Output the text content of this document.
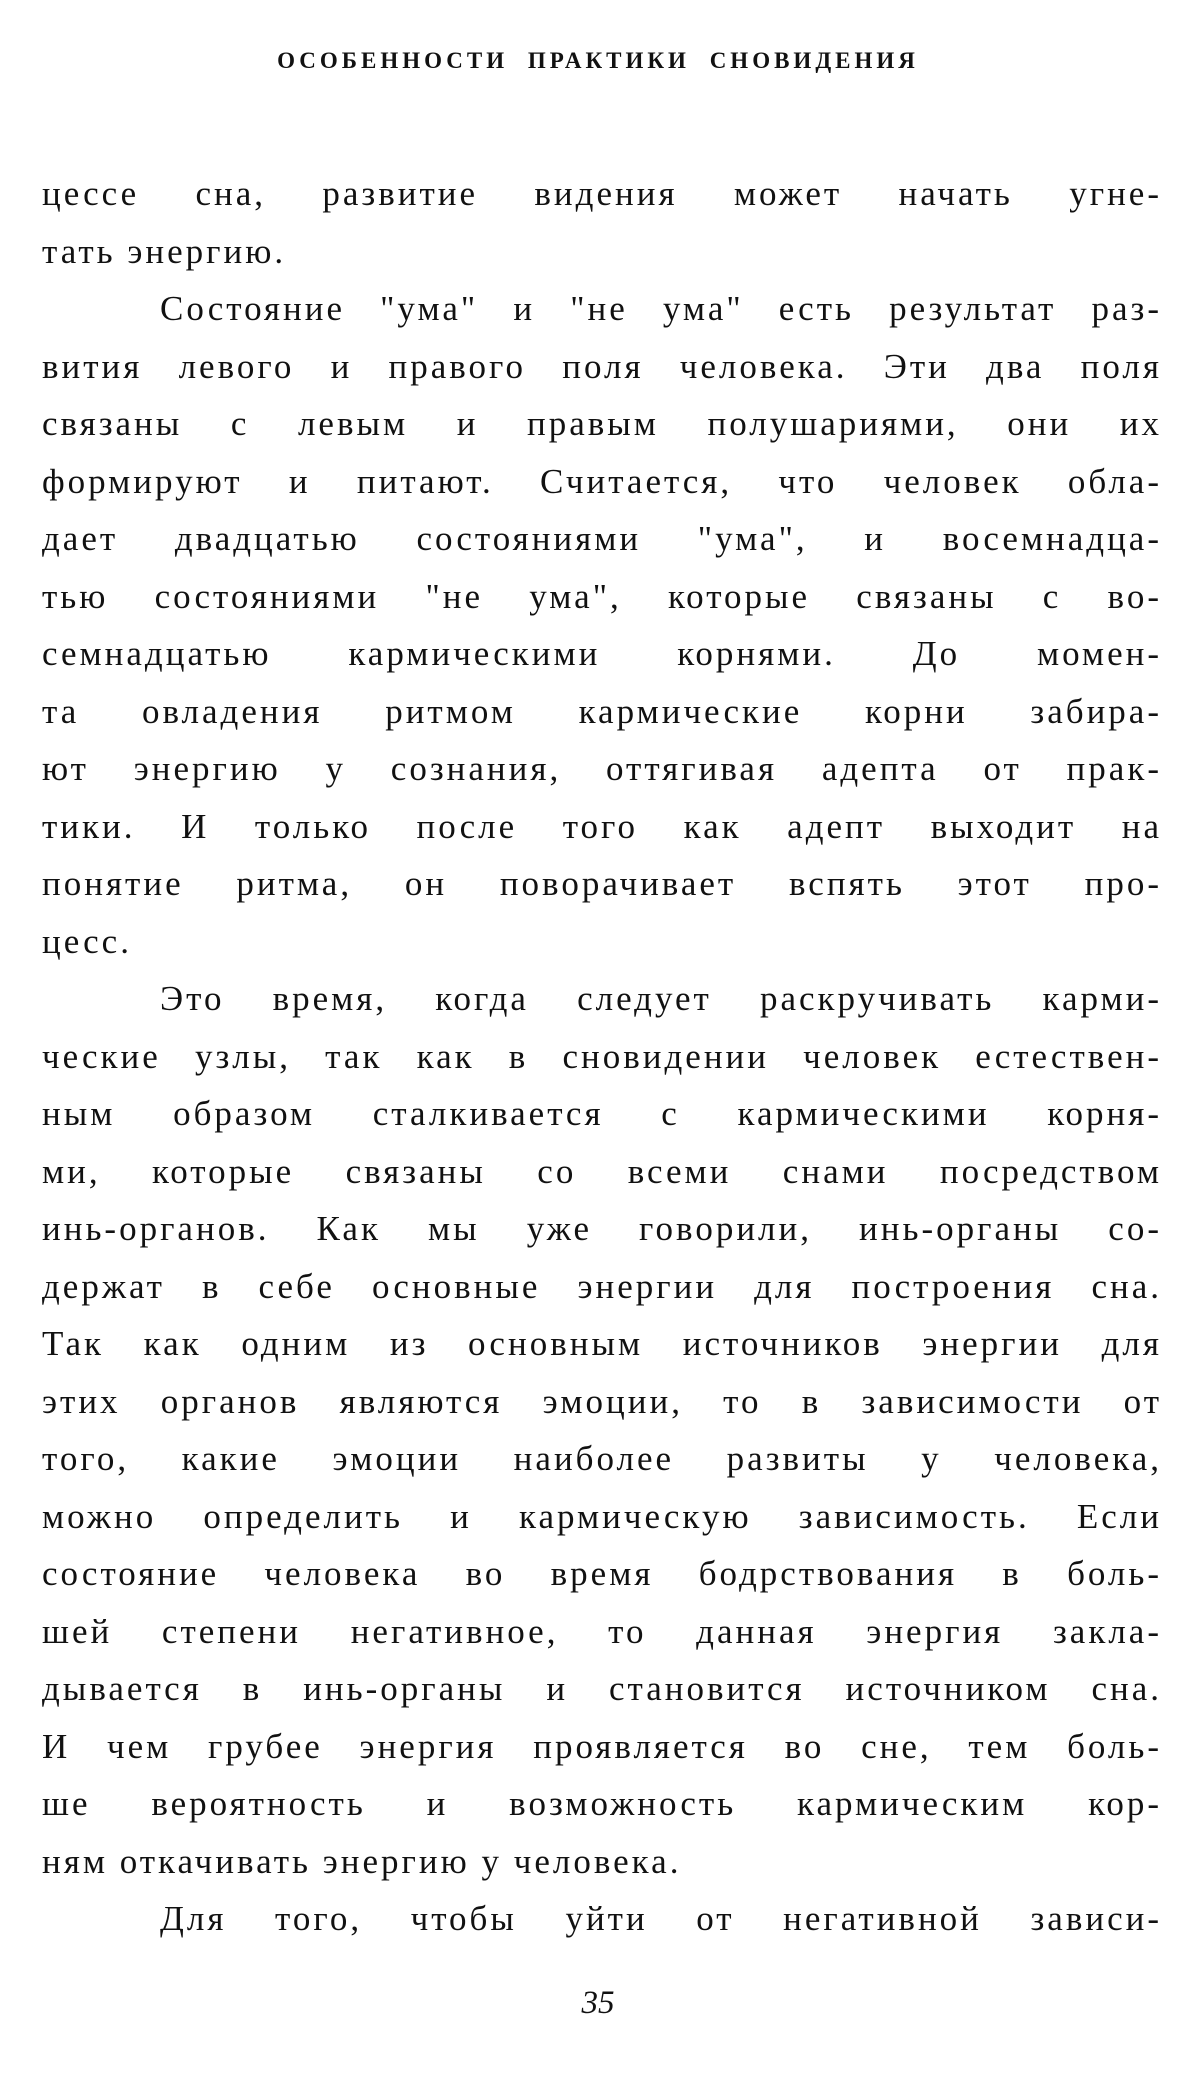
ОСОБЕННОСТИ ПРАКТИКИ СНОВИДЕНИЯ
цессе сна, развитие видения может начать угне-
тать энергию.
Состояние "ума" и "не ума" есть результат раз-
вития левого и правого поля человека. Эти два поля
связаны с левым и правым полушариями, они их
формируют и питают. Считается, что человек обла-
дает двадцатью состояниями "ума", и восемнадца-
тью состояниями "не ума", которые связаны с во-
семнадцатью кармическими корнями. До момен-
та овладения ритмом кармические корни забира-
ют энергию у сознания, оттягивая адепта от прак-
тики. И только после того как адепт выходит на
понятие ритма, он поворачивает вспять этот про-
цесс.
Это время, когда следует раскручивать карми-
ческие узлы, так как в сновидении человек естествен-
ным образом сталкивается с кармическими корня-
ми, которые связаны со всеми снами посредством
инь-органов. Как мы уже говорили, инь-органы со-
держат в себе основные энергии для построения сна.
Так как одним из основным источников энергии для
этих органов являются эмоции, то в зависимости от
того, какие эмоции наиболее развиты у человека,
можно определить и кармическую зависимость. Если
состояние человека во время бодрствования в боль-
шей степени негативное, то данная энергия закла-
дывается в инь-органы и становится источником сна.
И чем грубее энергия проявляется во сне, тем боль-
ше вероятность и возможность кармическим кор-
ням откачивать энергию у человека.
Для того, чтобы уйти от негативной зависи-
35
